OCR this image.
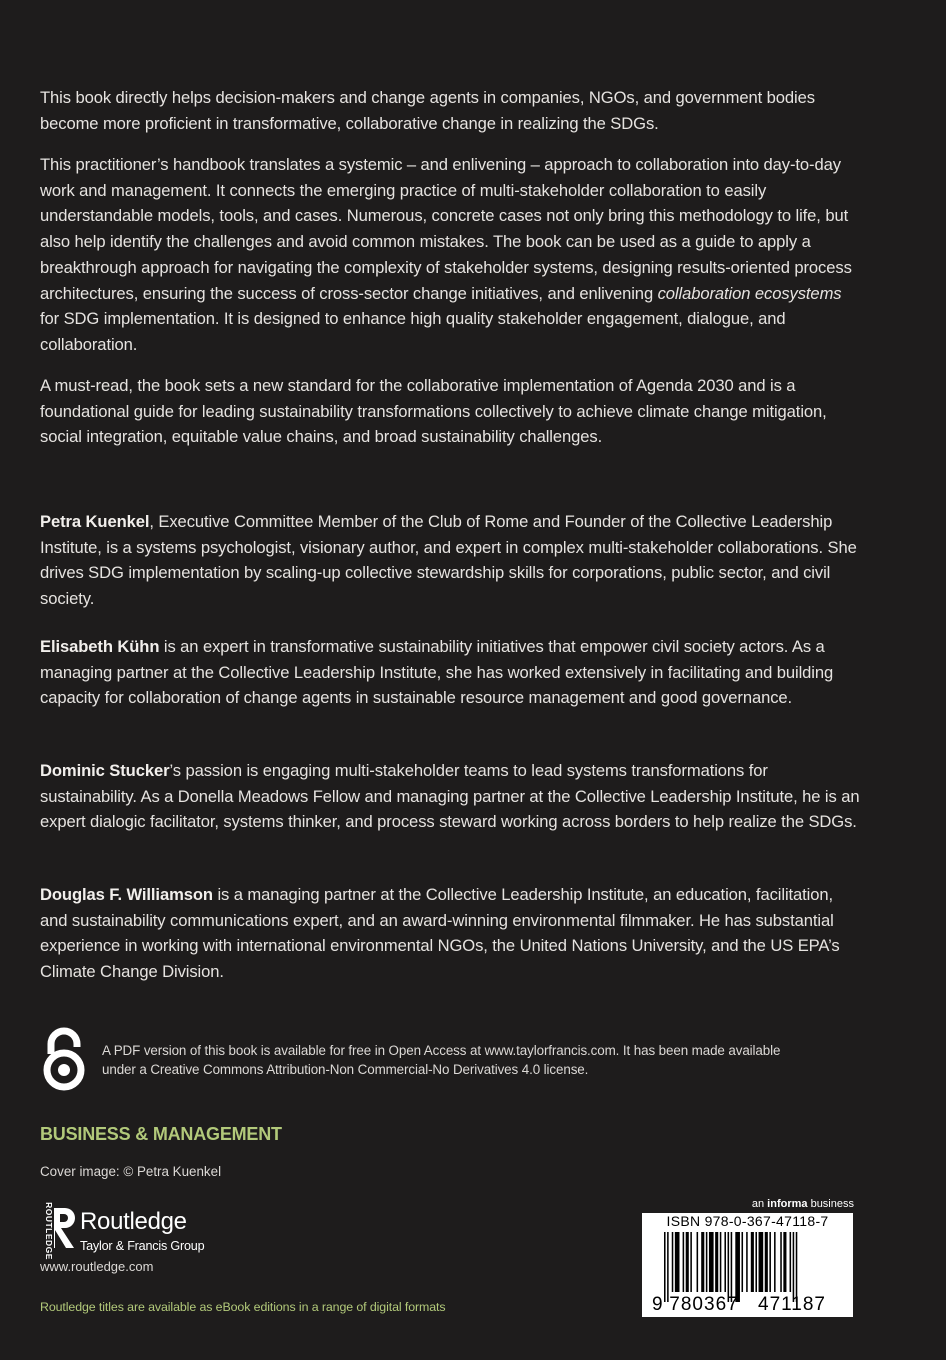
This book directly helps decision-makers and change agents in companies, NGOs, and government bodies become more proficient in transformative, collaborative change in realizing the SDGs.

This practitioner’s handbook translates a systemic – and enlivening – approach to collaboration into day-to-day work and management. It connects the emerging practice of multi-stakeholder collaboration to easily understandable models, tools, and cases. Numerous, concrete cases not only bring this methodology to life, but also help identify the challenges and avoid common mistakes. The book can be used as a guide to apply a breakthrough approach for navigating the complexity of stakeholder systems, designing results-oriented process architectures, ensuring the success of cross-sector change initiatives, and enlivening collaboration ecosystems for SDG implementation. It is designed to enhance high quality stakeholder engagement, dialogue, and collaboration.

A must-read, the book sets a new standard for the collaborative implementation of Agenda 2030 and is a foundational guide for leading sustainability transformations collectively to achieve climate change mitigation, social integration, equitable value chains, and broad sustainability challenges.

Petra Kuenkel, Executive Committee Member of the Club of Rome and Founder of the Collective Leadership Institute, is a systems psychologist, visionary author, and expert in complex multi-stakeholder collaborations. She drives SDG implementation by scaling-up collective stewardship skills for corporations, public sector, and civil society.

Elisabeth Kühn is an expert in transformative sustainability initiatives that empower civil society actors. As a managing partner at the Collective Leadership Institute, she has worked extensively in facilitating and building capacity for collaboration of change agents in sustainable resource management and good governance.

Dominic Stucker’s passion is engaging multi-stakeholder teams to lead systems transformations for sustainability. As a Donella Meadows Fellow and managing partner at the Collective Leadership Institute, he is an expert dialogic facilitator, systems thinker, and process steward working across borders to help realize the SDGs.

Douglas F. Williamson is a managing partner at the Collective Leadership Institute, an education, facilitation, and sustainability communications expert, and an award-winning environmental filmmaker. He has substantial experience in working with international environmental NGOs, the United Nations University, and the US EPA’s Climate Change Division.

A PDF version of this book is available for free in Open Access at www.taylorfrancis.com. It has been made available under a Creative Commons Attribution-Non Commercial-No Derivatives 4.0 license.
BUSINESS & MANAGEMENT
Cover image: © Petra Kuenkel
ROUTLEDGE Routledge
Taylor & Francis Group
www.routledge.com
Routledge titles are available as eBook editions in a range of digital formats
an informa business
ISBN 978-0-367-47118-7
9 780367 471187
